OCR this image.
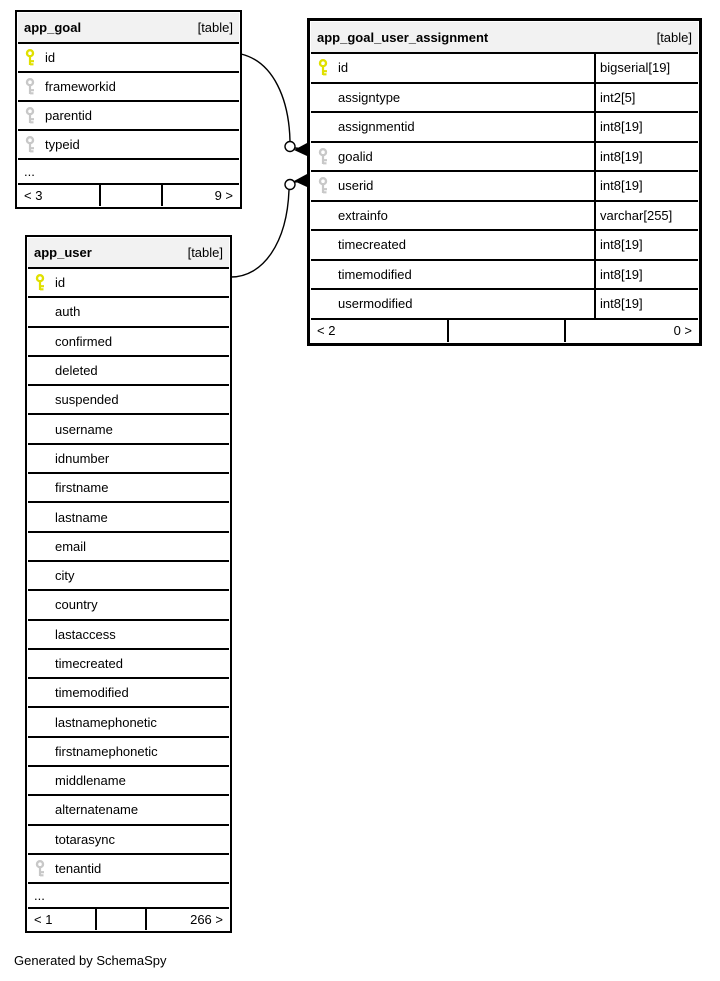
app_goal	[table]
id
frameworkid
parentid
typeid
...
< 3	9 >
app_goal_user_assignment	[table]
id	bigserial[19]
assigntype	int2[5]
assignmentid	int8[19]
goalid	int8[19]
userid	int8[19]
extrainfo	varchar[255]
timecreated	int8[19]
timemodified	int8[19]
usermodified	int8[19]
< 2	0 >
app_user	[table]
id
auth
confirmed
deleted
suspended
username
idnumber
firstname
lastname
email
city
country
lastaccess
timecreated
timemodified
lastnamephonetic
firstnamephonetic
middlename
alternatename
totarasync
tenantid
...
< 1	266 >
Generated by SchemaSpy
